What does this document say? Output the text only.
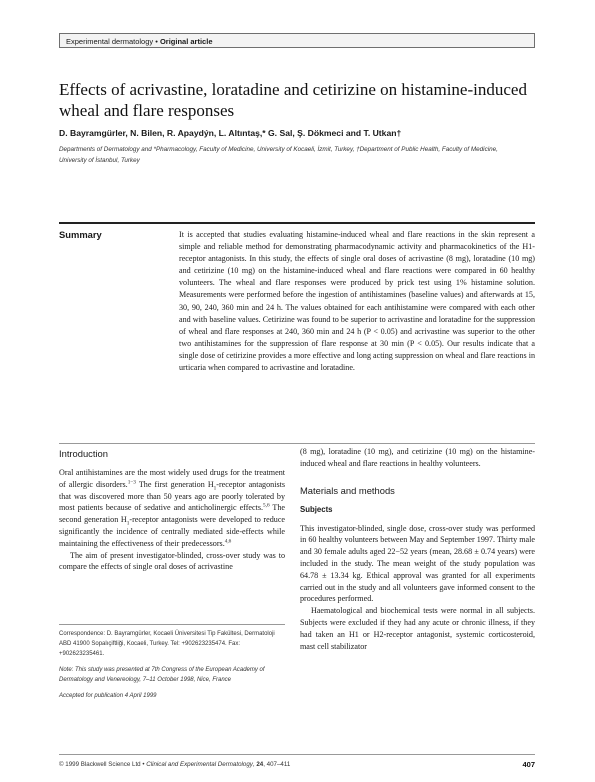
Experimental dermatology • Original article
Effects of acrivastine, loratadine and cetirizine on histamine-induced wheal and flare responses
D. Bayramgürler, N. Bilen, R. Apaydýn, L. Altıntaş,* G. Sal, Ş. Dökmeci and T. Utkan†
Departments of Dermatology and *Pharmacology, Faculty of Medicine, University of Kocaeli, İzmit, Turkey, †Department of Public Health, Faculty of Medicine, University of İstanbul, Turkey
Summary	It is accepted that studies evaluating histamine-induced wheal and flare reactions in the skin represent a simple and reliable method for demonstrating pharmacodynamic activity and pharmacokinetics of the H1-receptor antagonists. In this study, the effects of single oral doses of acrivastine (8 mg), loratadine (10 mg) and cetirizine (10 mg) on the histamine-induced wheal and flare reactions were compared in 60 healthy volunteers. The wheal and flare responses were produced by prick test using 1% histamine solution. Measurements were performed before the ingestion of antihistamines (baseline values) and afterwards at 15, 30, 90, 240, 360 min and 24 h. The values obtained for each antihistamine were compared with each other and with baseline values. Cetirizine was found to be superior to acrivastine and loratadine for the suppression of wheal and flare responses at 240, 360 min and 24 h (P < 0.05) and acrivastine was superior to the other two antihistamines for the suppression of flare response at 30 min (P < 0.05). Our results indicate that a single dose of cetirizine provides a more effective and long acting suppression on wheal and flare reactions in urticaria when compared to acrivastine and loratadine.
Introduction

Oral antihistamines are the most widely used drugs for the treatment of allergic disorders.$^{1-3}$ The first generation $H_1$-receptor antagonists that was discovered more than 50 years ago are poorly tolerated by most patients because of sedative and anticholinergic effects.$^{5,6}$ The second generation $H_1$-receptor antagonists were developed to reduce significantly the incidence of centrally mediated side-effects while maintaining the effectiveness of their predecessors.$^{4,6}$

The aim of present investigator-blinded, cross-over study was to compare the effects of single oral doses of acrivastine

Correspondence: D. Bayramgürler, Kocaeli Üniversitesi Tip Fakültesi, Dermatoloji ABD 41900 Sopalıçiftliği, Kocaeli, Turkey. Tel: +902623235474. Fax: +902623235461.

Note: This study was presented at 7th Congress of the European Academy of Dermatology and Venereology, 7–11 October 1998, Nice, France

Accepted for publication 4 April 1999

(8 mg), loratadine (10 mg), and cetirizine (10 mg) on the histamine-induced wheal and flare reactions in healthy volunteers.

Materials and methods
Subjects

This investigator-blinded, single dose, cross-over study was performed in 60 healthy volunteers between May and September 1997. Thirty male and 30 female adults aged 22−52 years (mean, 28.68 ± 0.74 years) were included in the study. The mean weight of the study population was 64.78 ± 13.34 kg. Ethical approval was granted for all experiments carried out in the study and all volunteers gave informed consent to the procedures performed.

Haematological and biochemical tests were normal in all subjects. Subjects were excluded if they had any acute or chronic illness, if they had taken an H1 or H2-receptor antagonist, systemic corticosteroid, mast cell stabilizator

© 1999 Blackwell Science Ltd • Clinical and Experimental Dermatology, 24, 407–411	407
